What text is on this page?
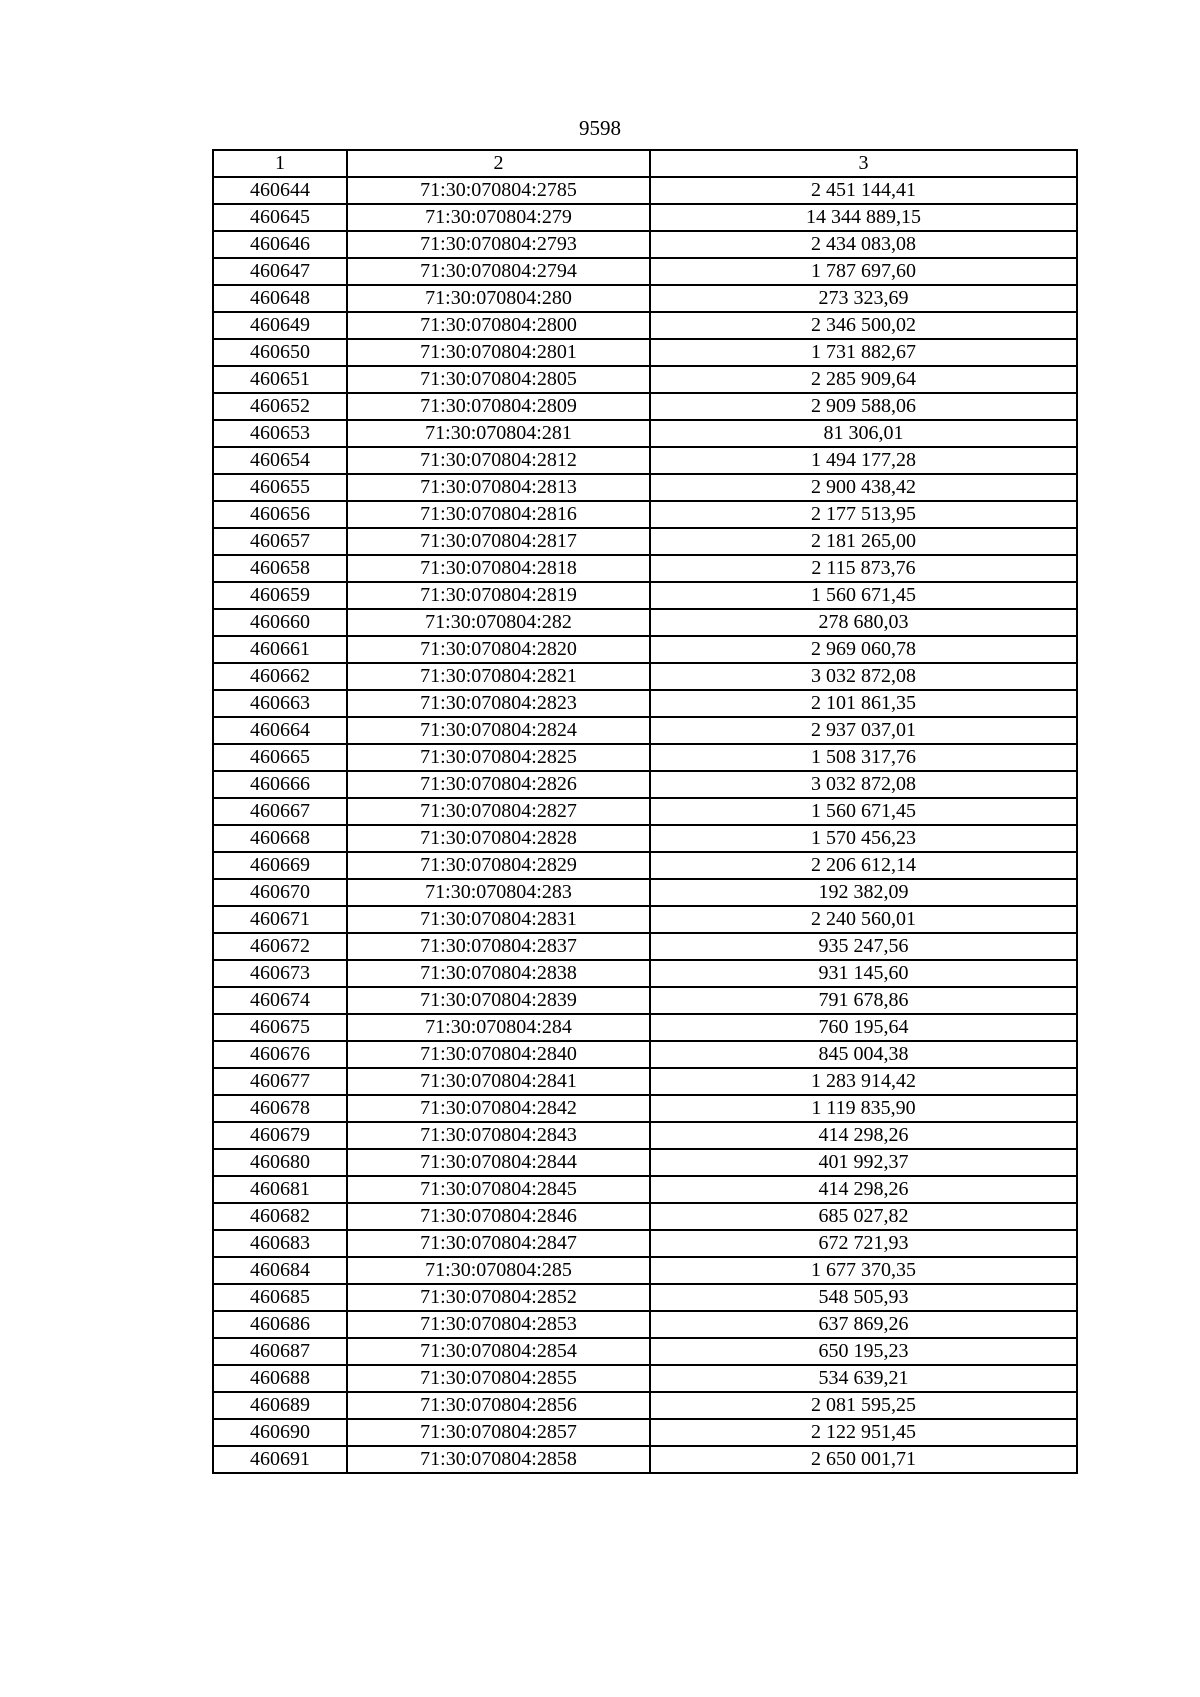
9598
1	2	3
460644	71:30:070804:2785	2 451 144,41
460645	71:30:070804:279	14 344 889,15
460646	71:30:070804:2793	2 434 083,08
460647	71:30:070804:2794	1 787 697,60
460648	71:30:070804:280	273 323,69
460649	71:30:070804:2800	2 346 500,02
460650	71:30:070804:2801	1 731 882,67
460651	71:30:070804:2805	2 285 909,64
460652	71:30:070804:2809	2 909 588,06
460653	71:30:070804:281	81 306,01
460654	71:30:070804:2812	1 494 177,28
460655	71:30:070804:2813	2 900 438,42
460656	71:30:070804:2816	2 177 513,95
460657	71:30:070804:2817	2 181 265,00
460658	71:30:070804:2818	2 115 873,76
460659	71:30:070804:2819	1 560 671,45
460660	71:30:070804:282	278 680,03
460661	71:30:070804:2820	2 969 060,78
460662	71:30:070804:2821	3 032 872,08
460663	71:30:070804:2823	2 101 861,35
460664	71:30:070804:2824	2 937 037,01
460665	71:30:070804:2825	1 508 317,76
460666	71:30:070804:2826	3 032 872,08
460667	71:30:070804:2827	1 560 671,45
460668	71:30:070804:2828	1 570 456,23
460669	71:30:070804:2829	2 206 612,14
460670	71:30:070804:283	192 382,09
460671	71:30:070804:2831	2 240 560,01
460672	71:30:070804:2837	935 247,56
460673	71:30:070804:2838	931 145,60
460674	71:30:070804:2839	791 678,86
460675	71:30:070804:284	760 195,64
460676	71:30:070804:2840	845 004,38
460677	71:30:070804:2841	1 283 914,42
460678	71:30:070804:2842	1 119 835,90
460679	71:30:070804:2843	414 298,26
460680	71:30:070804:2844	401 992,37
460681	71:30:070804:2845	414 298,26
460682	71:30:070804:2846	685 027,82
460683	71:30:070804:2847	672 721,93
460684	71:30:070804:285	1 677 370,35
460685	71:30:070804:2852	548 505,93
460686	71:30:070804:2853	637 869,26
460687	71:30:070804:2854	650 195,23
460688	71:30:070804:2855	534 639,21
460689	71:30:070804:2856	2 081 595,25
460690	71:30:070804:2857	2 122 951,45
460691	71:30:070804:2858	2 650 001,71
